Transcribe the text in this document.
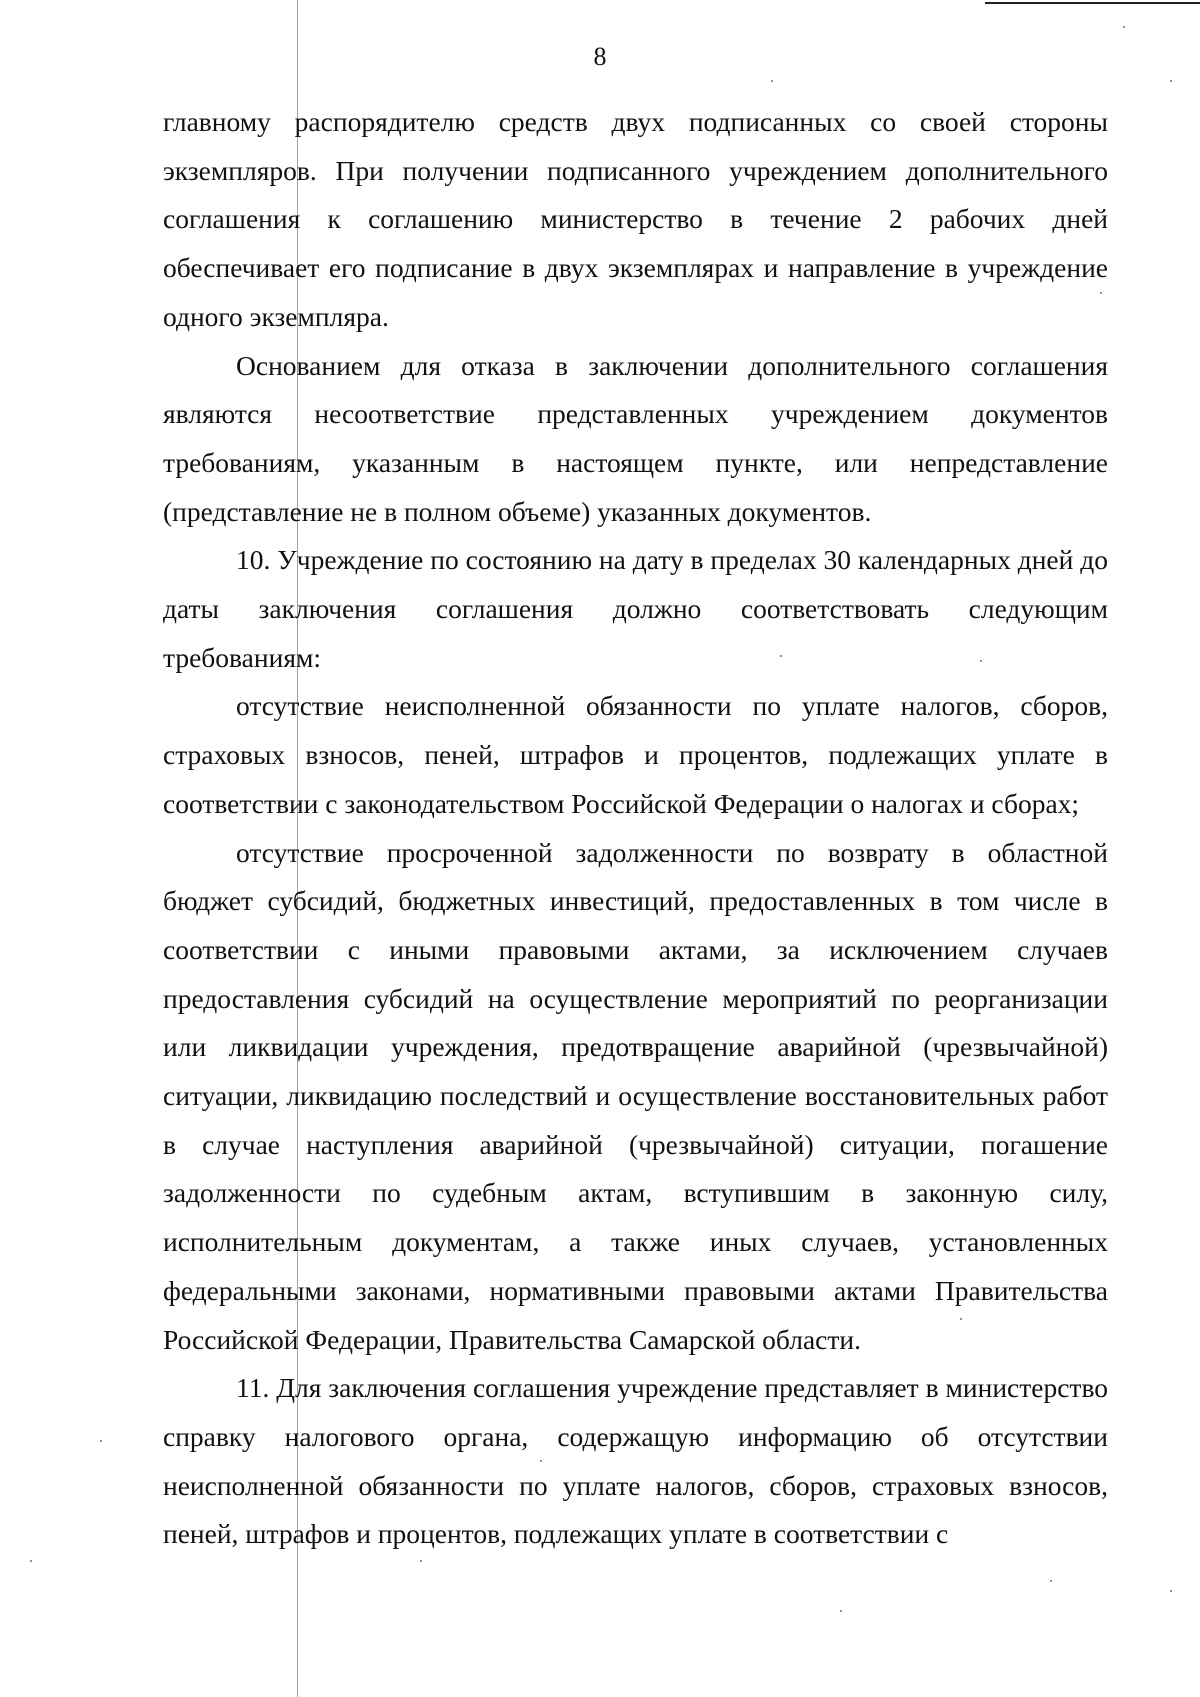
8

главному распорядителю средств двух подписанных со своей стороны экземпляров. При получении подписанного учреждением дополнительного соглашения к соглашению министерство в течение 2 рабочих дней обеспечивает его подписание в двух экземплярах и направление в учреждение одного экземпляра.

Основанием для отказа в заключении дополнительного соглашения являются несоответствие представленных учреждением документов требованиям, указанным в настоящем пункте, или непредставление (представление не в полном объеме) указанных документов.

10. Учреждение по состоянию на дату в пределах 30 календарных дней до даты заключения соглашения должно соответствовать следующим требованиям:

отсутствие неисполненной обязанности по уплате налогов, сборов, страховых взносов, пеней, штрафов и процентов, подлежащих уплате в соответствии с законодательством Российской Федерации о налогах и сборах;

отсутствие просроченной задолженности по возврату в областной бюджет субсидий, бюджетных инвестиций, предоставленных в том числе в соответствии с иными правовыми актами, за исключением случаев предоставления субсидий на осуществление мероприятий по реорганизации или ликвидации учреждения, предотвращение аварийной (чрезвычайной) ситуации, ликвидацию последствий и осуществление восстановительных работ в случае наступления аварийной (чрезвычайной) ситуации, погашение задолженности по судебным актам, вступившим в законную силу, исполнительным документам, а также иных случаев, установленных федеральными законами, нормативными правовыми актами Правительства Российской Федерации, Правительства Самарской области.

11. Для заключения соглашения учреждение представляет в министерство справку налогового органа, содержащую информацию об отсутствии неисполненной обязанности по уплате налогов, сборов, страховых взносов, пеней, штрафов и процентов, подлежащих уплате в соответствии с
